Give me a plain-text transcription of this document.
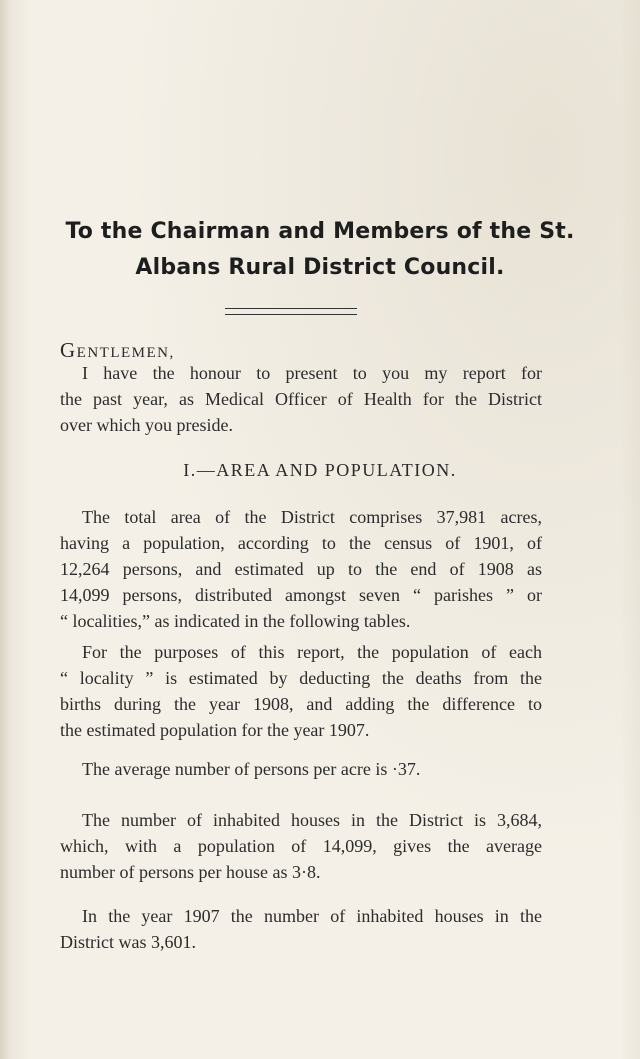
To the Chairman and Members of the St.
Albans Rural District Council.
GENTLEMEN,
I have the honour to present to you my report for
the past year, as Medical Officer of Health for the District
over which you preside.
I.—AREA AND POPULATION.
The total area of the District comprises 37,981 acres,
having a population, according to the census of 1901, of
12,264 persons, and estimated up to the end of 1908 as
14,099 persons, distributed amongst seven “ parishes ” or
“ localities,” as indicated in the following tables.
For the purposes of this report, the population of each
“ locality ” is estimated by deducting the deaths from the
births during the year 1908, and adding the difference to
the estimated population for the year 1907.
The average number of persons per acre is ·37.
The number of inhabited houses in the District is 3,684,
which, with a population of 14,099, gives the average
number of persons per house as 3·8.
In the year 1907 the number of inhabited houses in the
District was 3,601.
